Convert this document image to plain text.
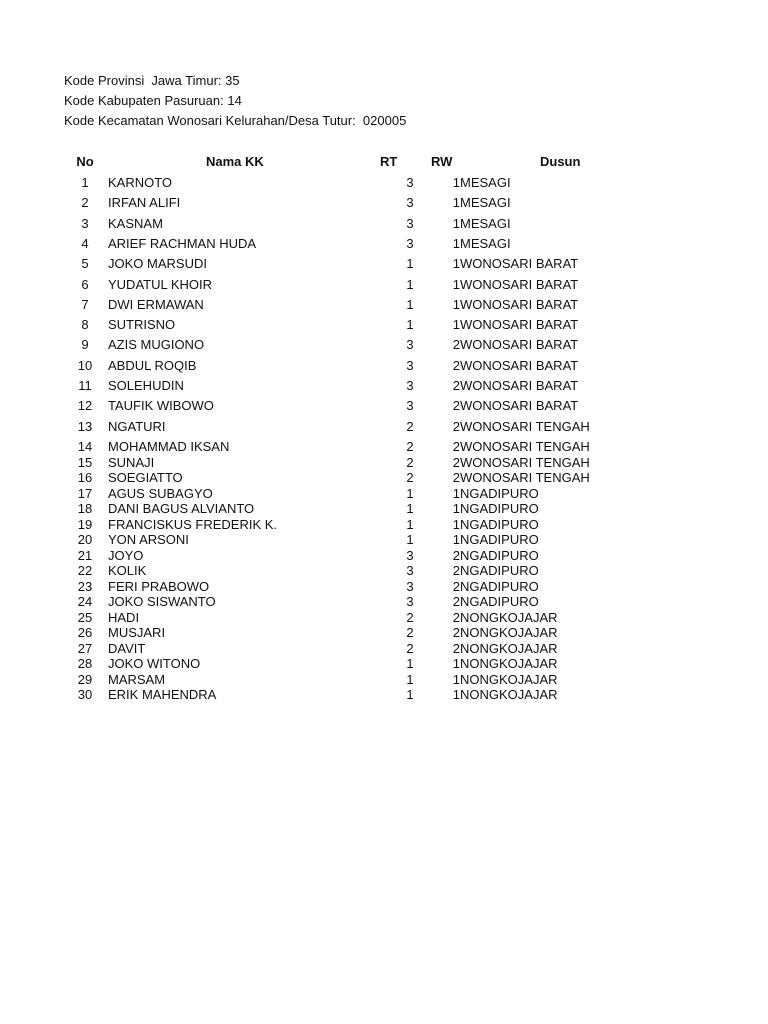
Kode Provinsi  Jawa Timur: 35
Kode Kabupaten Pasuruan: 14
Kode Kecamatan Wonosari Kelurahan/Desa Tutur:  020005
No	Nama KK	RT	RW	Dusun
1	KARNOTO	3	1 MESAGI
2	IRFAN ALIFI	3	1 MESAGI
3	KASNAM	3	1 MESAGI
4	ARIEF RACHMAN HUDA	3	1 MESAGI
5	JOKO MARSUDI	1	1 WONOSARI BARAT
6	YUDATUL KHOIR	1	1 WONOSARI BARAT
7	DWI ERMAWAN	1	1 WONOSARI BARAT
8	SUTRISNO	1	1 WONOSARI BARAT
9	AZIS MUGIONO	3	2 WONOSARI BARAT
10	ABDUL ROQIB	3	2 WONOSARI BARAT
11	SOLEHUDIN	3	2 WONOSARI BARAT
12	TAUFIK WIBOWO	3	2 WONOSARI BARAT
13	NGATURI	2	2 WONOSARI TENGAH
14	MOHAMMAD IKSAN	2	2 WONOSARI TENGAH
15	SUNAJI	2	2 WONOSARI TENGAH
16	SOEGIATTO	2	2 WONOSARI TENGAH
17	AGUS SUBAGYO	1	1 NGADIPURO
18	DANI BAGUS ALVIANTO	1	1 NGADIPURO
19	FRANCISKUS FREDERIK K.	1	1 NGADIPURO
20	YON ARSONI	1	1 NGADIPURO
21	JOYO	3	2 NGADIPURO
22	KOLIK	3	2 NGADIPURO
23	FERI PRABOWO	3	2 NGADIPURO
24	JOKO SISWANTO	3	2 NGADIPURO
25	HADI	2	2 NONGKOJAJAR
26	MUSJARI	2	2 NONGKOJAJAR
27	DAVIT	2	2 NONGKOJAJAR
28	JOKO WITONO	1	1 NONGKOJAJAR
29	MARSAM	1	1 NONGKOJAJAR
30	ERIK MAHENDRA	1	1 NONGKOJAJAR
